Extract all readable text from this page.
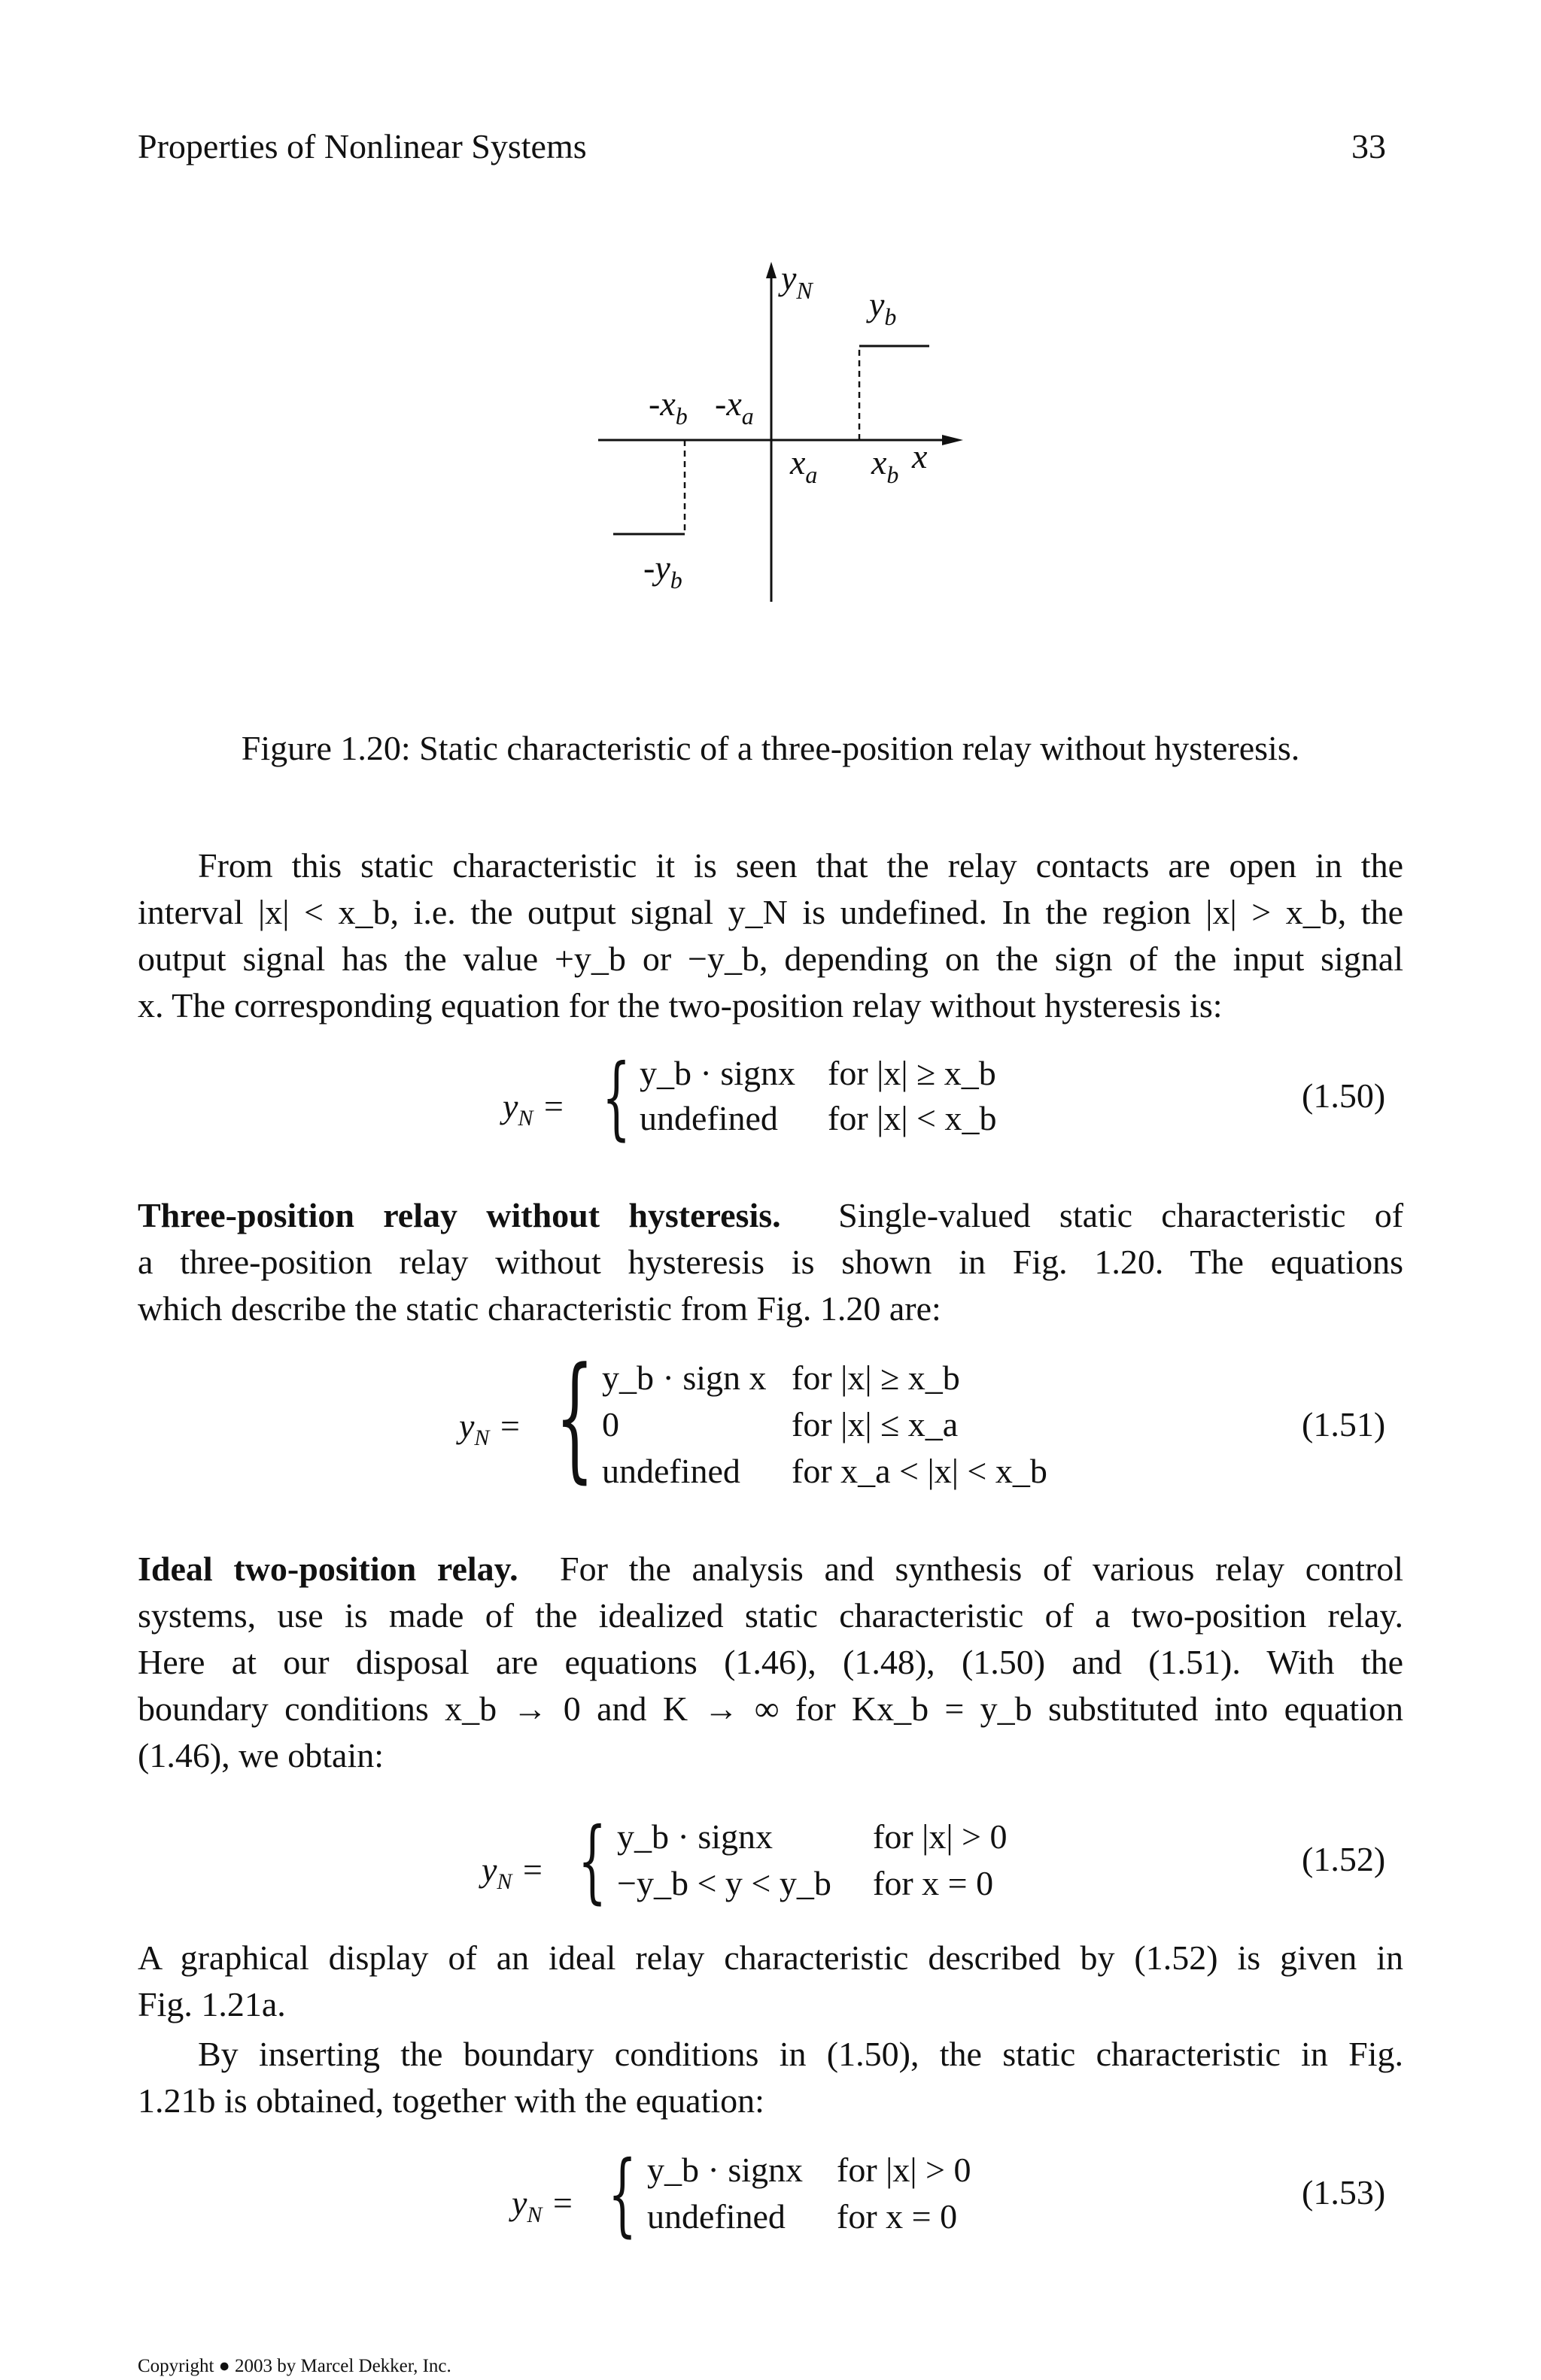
Properties of Nonlinear Systems	33
$y_N$ $y_b$
$-x_b$ $-x_a$
$x_a$ $x_b$ x
$-y_b$
Figure 1.20: Static characteristic of a three-position relay without hysteresis.
From this static characteristic it is seen that the relay contacts are open in the
interval |x| < x_b, i.e. the output signal y_N is undefined. In the region |x| > x_b, the
output signal has the value +y_b or −y_b, depending on the sign of the input signal
x. The corresponding equation for the two-position relay without hysteresis is:
$y_N$ = { y_b · signx for |x| ≥ x_b
undefined for |x| < x_b
(1.50)
Three-position relay without hysteresis. Single-valued static characteristic of
a three-position relay without hysteresis is shown in Fig. 1.20. The equations
which describe the static characteristic from Fig. 1.20 are:
$y_N$ = { y_b · sign x for |x| ≥ x_b
0	for |x| ≤ x_a
undefined for x_a < |x| < x_b
(1.51)
Ideal two-position relay. For the analysis and synthesis of various relay control
systems, use is made of the idealized static characteristic of a two-position relay.
Here at our disposal are equations (1.46), (1.48), (1.50) and (1.51). With the
boundary conditions x_b → 0 and K → ∞ for Kx_b = y_b substituted into equation
(1.46), we obtain:
$y_N$ = { y_b · signx	for |x| > 0
−y_b < y < y_b for x = 0
(1.52)
A graphical display of an ideal relay characteristic described by (1.52) is given in
Fig. 1.21a.
By inserting the boundary conditions in (1.50), the static characteristic in Fig.
1.21b is obtained, together with the equation:
$y_N$ = { y_b · signx for |x| > 0
undefined for x = 0
(1.53)
Copyright ● 2003 by Marcel Dekker, Inc.
